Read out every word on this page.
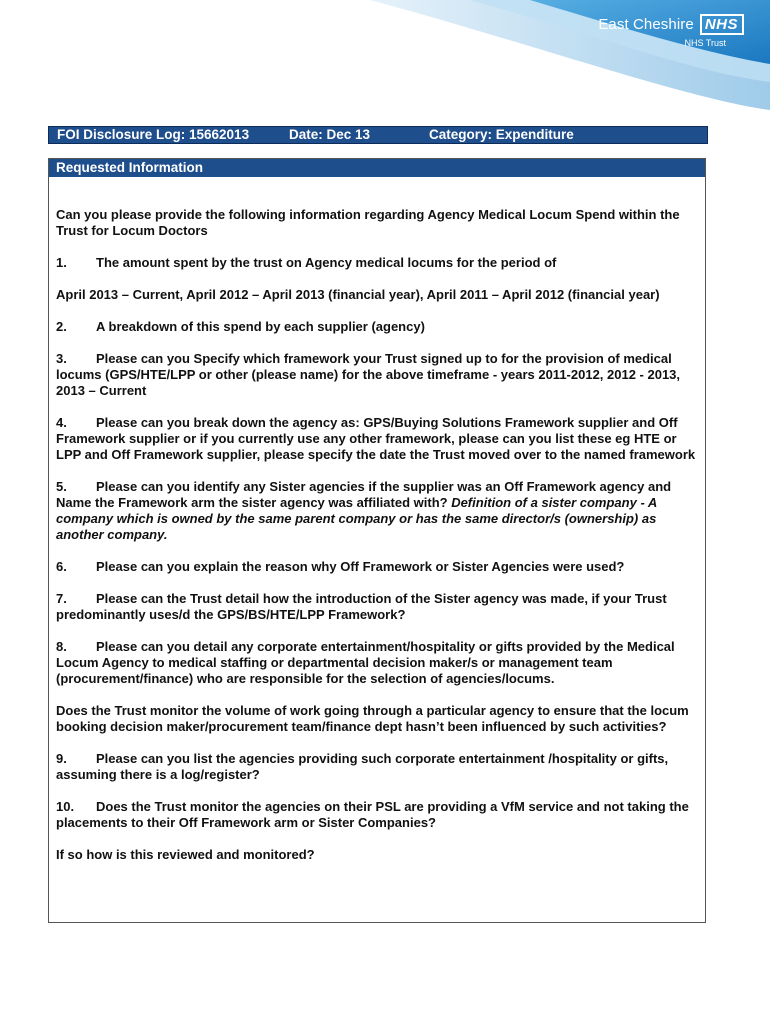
East Cheshire NHS
NHS Trust
FOI Disclosure Log: 15662013	Date: Dec 13	Category: Expenditure
Requested Information

Can you please provide the following information regarding Agency Medical Locum Spend within the Trust for Locum Doctors

1. The amount spent by the trust on Agency medical locums for the period of

April 2013 – Current, April 2012 – April 2013 (financial year), April 2011 – April 2012 (financial year)

2. A breakdown of this spend by each supplier (agency)

3. Please can you Specify which framework your Trust signed up to for the provision of medical locums (GPS/HTE/LPP or other (please name) for the above timeframe - years 2011-2012, 2012 - 2013, 2013 – Current

4. Please can you break down the agency as: GPS/Buying Solutions Framework supplier and Off Framework supplier or if you currently use any other framework, please can you list these eg HTE or LPP and Off Framework supplier, please specify the date the Trust moved over to the named framework

5. Please can you identify any Sister agencies if the supplier was an Off Framework agency and Name the Framework arm the sister agency was affiliated with? Definition of a sister company - A company which is owned by the same parent company or has the same director/s (ownership) as another company.

6. Please can you explain the reason why Off Framework or Sister Agencies were used?

7. Please can the Trust detail how the introduction of the Sister agency was made, if your Trust predominantly uses/d the GPS/BS/HTE/LPP Framework?

8. Please can you detail any corporate entertainment/hospitality or gifts provided by the Medical Locum Agency to medical staffing or departmental decision maker/s or management team (procurement/finance) who are responsible for the selection of agencies/locums.

Does the Trust monitor the volume of work going through a particular agency to ensure that the locum booking decision maker/procurement team/finance dept hasn’t been influenced by such activities?

9. Please can you list the agencies providing such corporate entertainment /hospitality or gifts, assuming there is a log/register?

10. Does the Trust monitor the agencies on their PSL are providing a VfM service and not taking the placements to their Off Framework arm or Sister Companies?

If so how is this reviewed and monitored?
